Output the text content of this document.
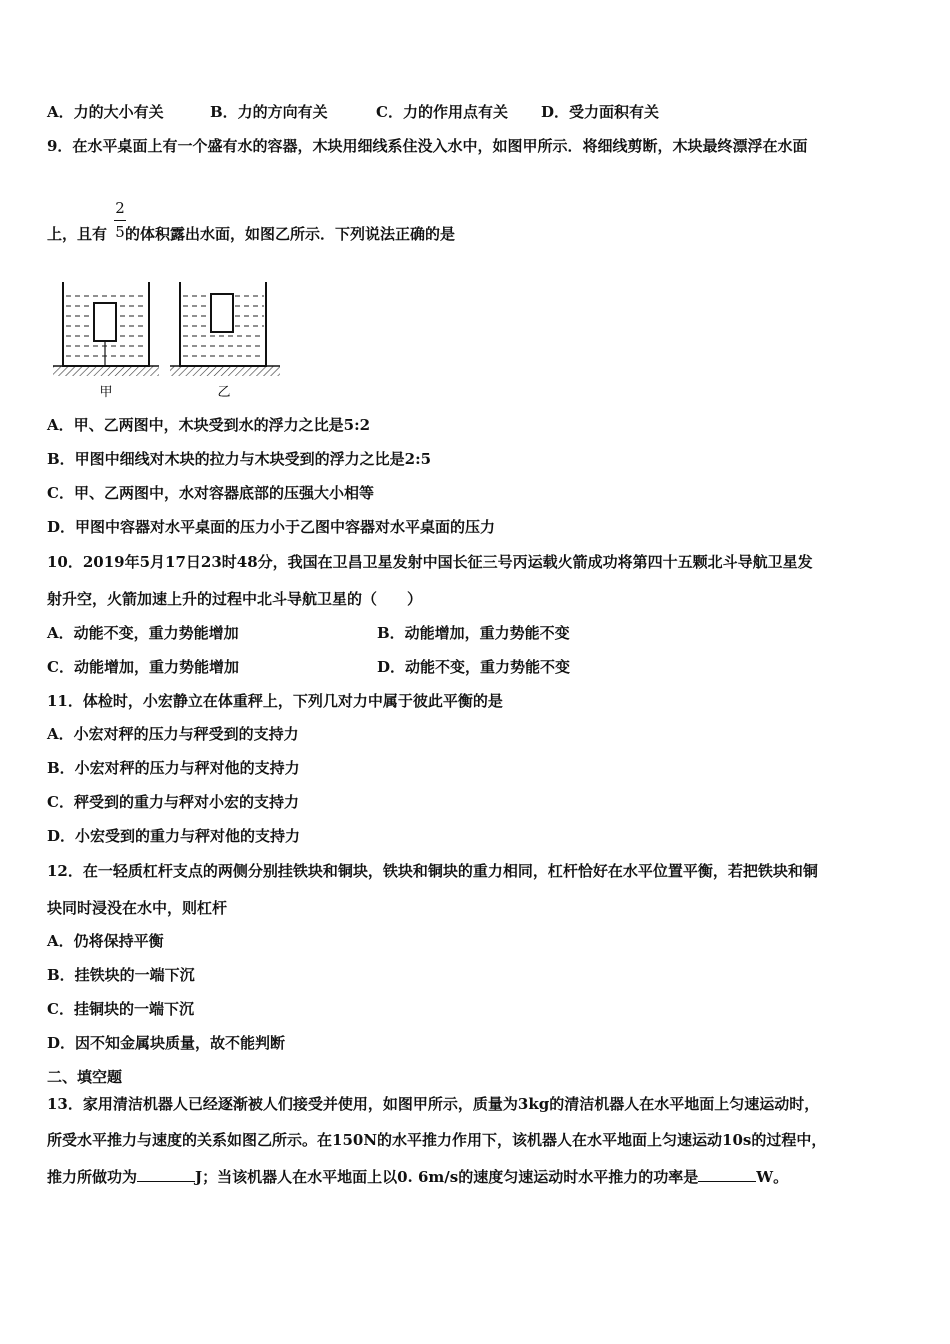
A．力的大小有关	B．力的方向有关	C．力的作用点有关 D．受力面积有关
9．在水平桌面上有一个盛有水的容器，木块用细线系住没入水中，如图甲所示．将细线剪断，木块最终漂浮在水面
上，且有 的体积露出水面，如图乙所示．下列说法正确的是
2
5
甲	乙
A．甲、乙两图中，木块受到水的浮力之比是5:2
B．甲图中细线对木块的拉力与木块受到的浮力之比是2:5
C．甲、乙两图中，水对容器底部的压强大小相等
D．甲图中容器对水平桌面的压力小于乙图中容器对水平桌面的压力
10．2019年5月17日23时48分，我国在卫昌卫星发射中国长征三号丙运载火箭成功将第四十五颗北斗导航卫星发
射升空，火箭加速上升的过程中北斗导航卫星的（　　）
A．动能不变，重力势能增加	B．动能增加，重力势能不变
C．动能增加，重力势能增加	D．动能不变，重力势能不变
11．体检时，小宏静立在体重秤上，下列几对力中属于彼此平衡的是
A．小宏对秤的压力与秤受到的支持力
B．小宏对秤的压力与秤对他的支持力
C．秤受到的重力与秤对小宏的支持力
D．小宏受到的重力与秤对他的支持力
12．在一轻质杠杆支点的两侧分别挂铁块和铜块，铁块和铜块的重力相同，杠杆恰好在水平位置平衡，若把铁块和铜
块同时浸没在水中，则杠杆
A．仍将保持平衡
B．挂铁块的一端下沉
C．挂铜块的一端下沉
D．因不知金属块质量，故不能判断
二、填空题
13．家用清洁机器人已经逐渐被人们接受并使用，如图甲所示，质量为3kg的清洁机器人在水平地面上匀速运动时，
所受水平推力与速度的关系如图乙所示。在150N的水平推力作用下，该机器人在水平地面上匀速运动10s的过程中，
推力所做功为	J；当该机器人在水平地面上以0. 6m/s的速度匀速运动时水平推力的功率是	W。
